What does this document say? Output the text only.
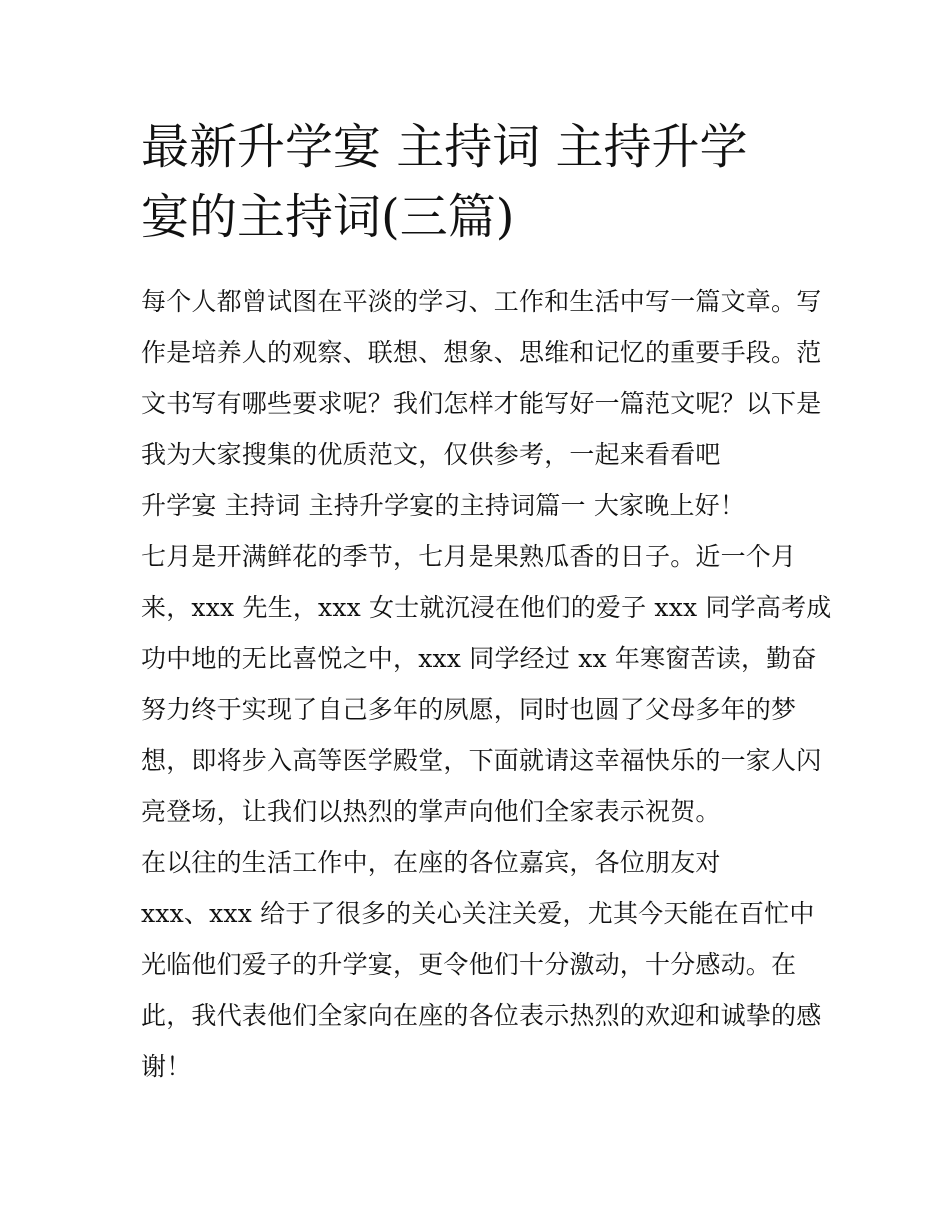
最新升学宴 主持词 主持升学
宴的主持词(三篇)
每个人都曾试图在平淡的学习、工作和生活中写一篇文章。写
作是培养人的观察、联想、想象、思维和记忆的重要手段。范
文书写有哪些要求呢？我们怎样才能写好一篇范文呢？以下是
我为大家搜集的优质范文，仅供参考，一起来看看吧
升学宴 主持词 主持升学宴的主持词篇一 大家晚上好！
七月是开满鲜花的季节，七月是果熟瓜香的日子。近一个月
来，xxx 先生，xxx 女士就沉浸在他们的爱子 xxx 同学高考成
功中地的无比喜悦之中，xxx 同学经过 xx 年寒窗苦读，勤奋
努力终于实现了自己多年的夙愿，同时也圆了父母多年的梦
想，即将步入高等医学殿堂，下面就请这幸福快乐的一家人闪
亮登场，让我们以热烈的掌声向他们全家表示祝贺。
在以往的生活工作中，在座的各位嘉宾，各位朋友对
xxx、xxx 给于了很多的关心关注关爱，尤其今天能在百忙中
光临他们爱子的升学宴，更令他们十分激动，十分感动。在
此，我代表他们全家向在座的各位表示热烈的欢迎和诚挚的感
谢！
